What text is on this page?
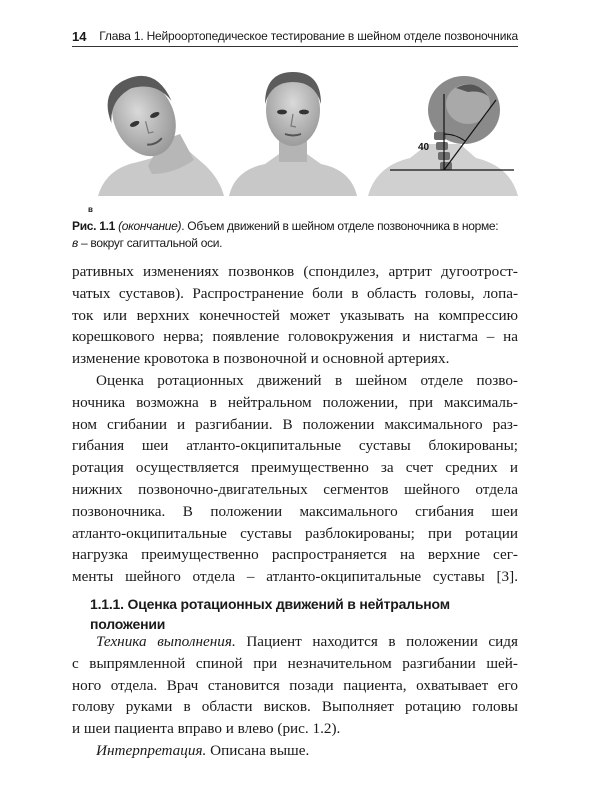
14 Глава 1. Нейроортопедическое тестирование в шейном отделе позвоночника
40
в
Рис. 1.1 (окончание). Объем движений в шейном отделе позвоночника в норме:
в – вокруг сагиттальной оси.
ративных изменениях позвонков (спондилез, артрит дугоотрост-
чатых суставов). Распространение боли в область головы, лопа-
ток или верхних конечностей может указывать на компрессию
корешкового нерва; появление головокружения и нистагма – на
изменение кровотока в позвоночной и основной артериях.
Оценка ротационных движений в шейном отделе позво-
ночника возможна в нейтральном положении, при максималь-
ном сгибании и разгибании. В положении максимального раз-
гибания шеи атланто-окципитальные суставы блокированы;
ротация осуществляется преимущественно за счет средних и
нижних позвоночно-двигательных сегментов шейного отдела
позвоночника. В положении максимального сгибания шеи
атланто-окципитальные суставы разблокированы; при ротации
нагрузка преимущественно распространяется на верхние сег-
менты шейного отдела – атланто-окципитальные суставы [3].
1.1.1. Оценка ротационных движений в нейтральном
положении
Техника выполнения. Пациент находится в положении сидя
с выпрямленной спиной при незначительном разгибании шей-
ного отдела. Врач становится позади пациента, охватывает его
голову руками в области висков. Выполняет ротацию головы
и шеи пациента вправо и влево (рис. 1.2).
Интерпретация. Описана выше.
